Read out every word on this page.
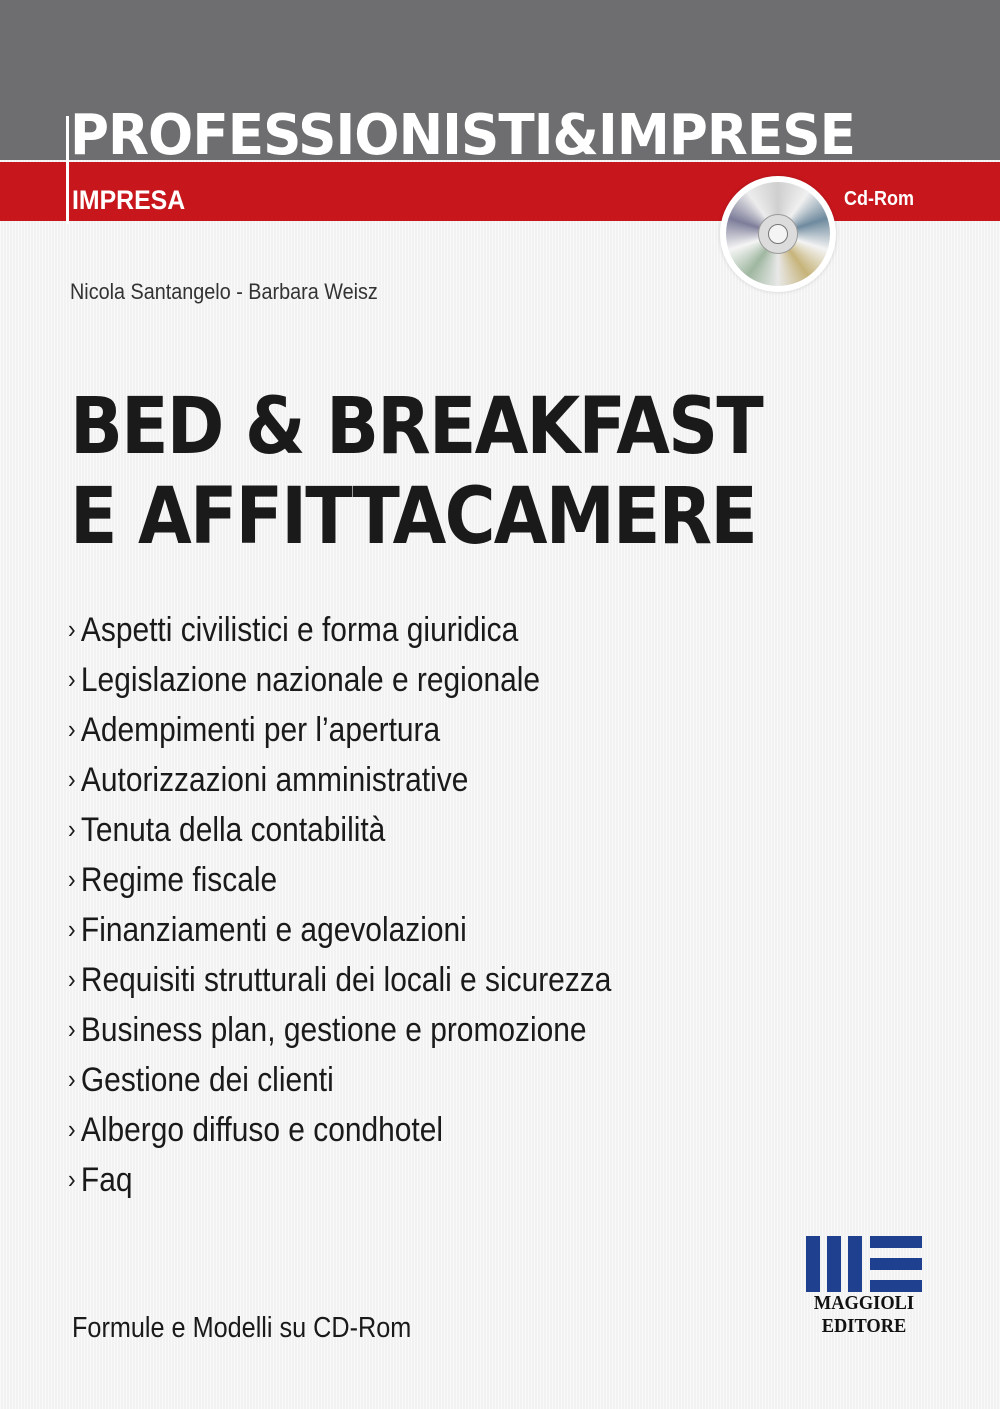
PROFESSIONISTI&IMPRESE
IMPRESA	Cd-Rom
Nicola Santangelo - Barbara Weisz
BED & BREAKFAST
E AFFITTACAMERE
› Aspetti civilistici e forma giuridica
› Legislazione nazionale e regionale
› Adempimenti per l’apertura
› Autorizzazioni amministrative
› Tenuta della contabilità
› Regime fiscale
› Finanziamenti e agevolazioni
› Requisiti strutturali dei locali e sicurezza
› Business plan, gestione e promozione
› Gestione dei clienti
› Albergo diffuso e condhotel
› Faq
Formule e Modelli su CD-Rom
MAGGIOLI
EDITORE
